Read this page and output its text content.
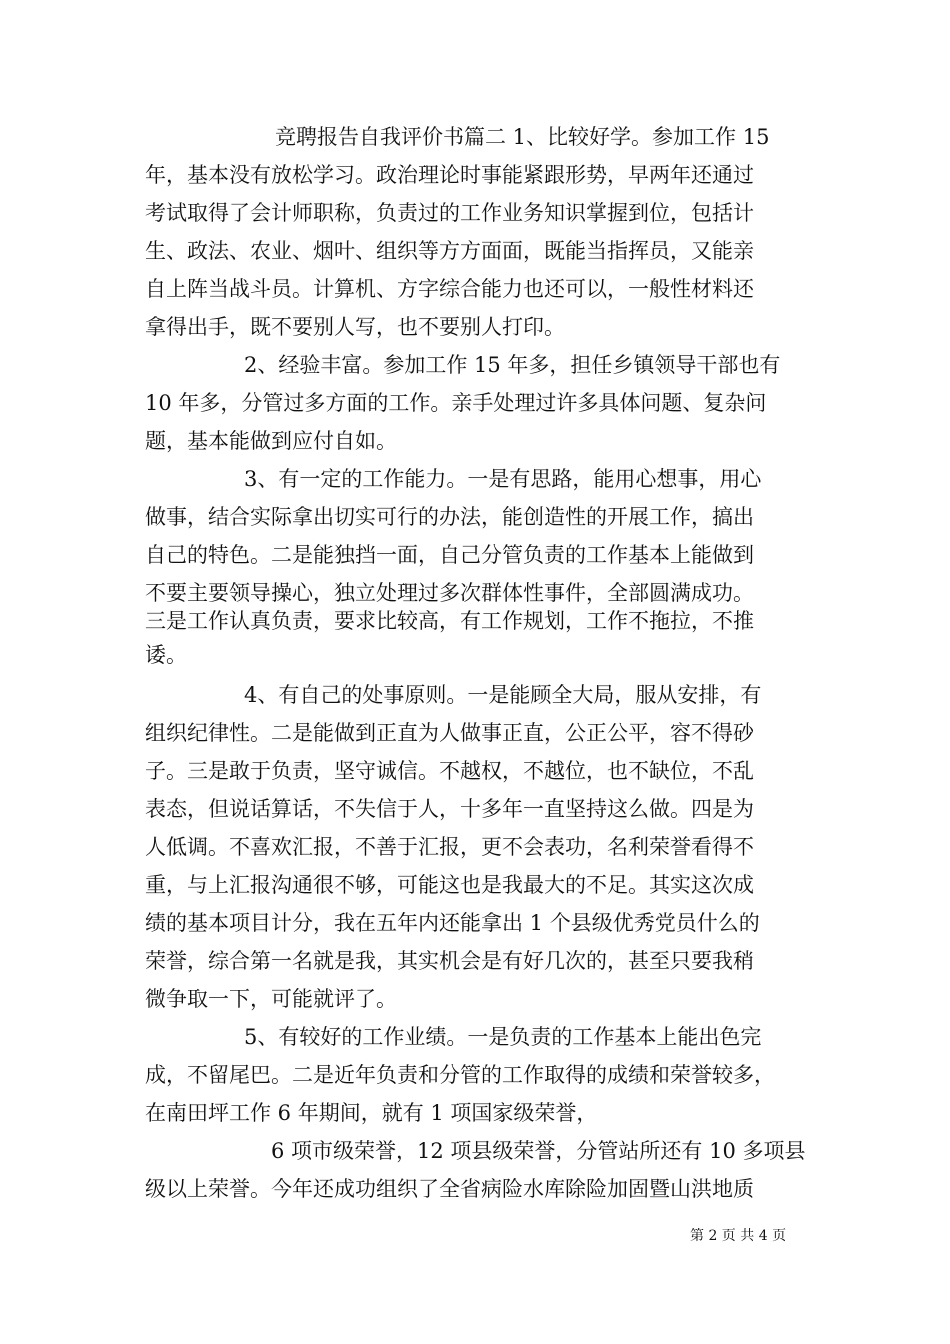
竞聘报告自我评价书篇二 1、比较好学。参加工作 15
年，基本没有放松学习。政治理论时事能紧跟形势，早两年还通过
考试取得了会计师职称，负责过的工作业务知识掌握到位，包括计
生、政法、农业、烟叶、组织等方方面面，既能当指挥员，又能亲
自上阵当战斗员。计算机、方字综合能力也还可以，一般性材料还
拿得出手，既不要别人写，也不要别人打印。
2、经验丰富。参加工作 15 年多，担任乡镇领导干部也有
10 年多，分管过多方面的工作。亲手处理过许多具体问题、复杂问
题，基本能做到应付自如。
3、有一定的工作能力。一是有思路，能用心想事，用心
做事，结合实际拿出切实可行的办法，能创造性的开展工作，搞出
自己的特色。二是能独挡一面，自己分管负责的工作基本上能做到
不要主要领导操心，独立处理过多次群体性事件，全部圆满成功。
三是工作认真负责，要求比较高，有工作规划，工作不拖拉，不推
诿。
4、有自己的处事原则。一是能顾全大局，服从安排，有
组织纪律性。二是能做到正直为人做事正直，公正公平，容不得砂
子。三是敢于负责，坚守诚信。不越权，不越位，也不缺位，不乱
表态，但说话算话，不失信于人，十多年一直坚持这么做。四是为
人低调。不喜欢汇报，不善于汇报，更不会表功，名利荣誉看得不
重，与上汇报沟通很不够，可能这也是我最大的不足。其实这次成
绩的基本项目计分，我在五年内还能拿出 1 个县级优秀党员什么的
荣誉，综合第一名就是我，其实机会是有好几次的，甚至只要我稍
微争取一下，可能就评了。
5、有较好的工作业绩。一是负责的工作基本上能出色完
成，不留尾巴。二是近年负责和分管的工作取得的成绩和荣誉较多，
在南田坪工作 6 年期间，就有 1 项国家级荣誉，
6 项市级荣誉，12 项县级荣誉，分管站所还有 10 多项县
级以上荣誉。今年还成功组织了全省病险水库除险加固暨山洪地质
第 2 页 共 4 页
